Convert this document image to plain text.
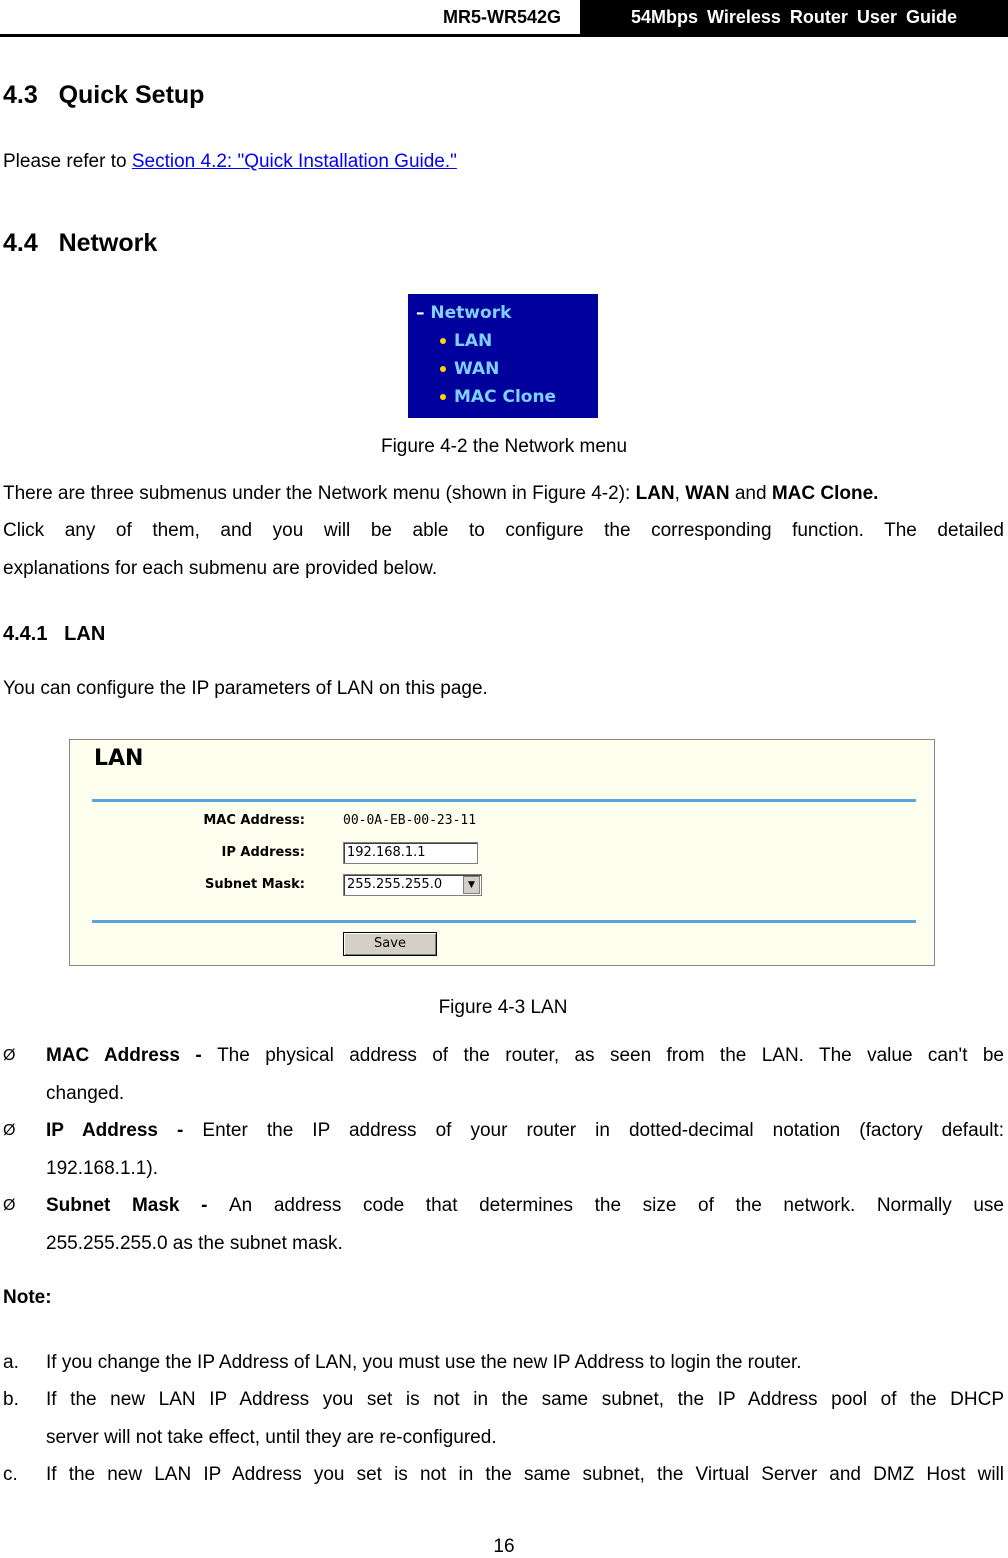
MR5-WR542G	54Mbps Wireless Router User Guide
4.3   Quick Setup
Please refer to Section 4.2: "Quick Installation Guide."
4.4   Network
– Network
LAN
WAN
MAC Clone
Figure 4-2 the Network menu
There are three submenus under the Network menu (shown in Figure 4-2): LAN, WAN and MAC Clone.
Click any of them, and you will be able to configure the corresponding function. The detailed
explanations for each submenu are provided below.
4.4.1   LAN
You can configure the IP parameters of LAN on this page.
LAN
MAC Address:	00-0A-EB-00-23-11
IP Address:	192.168.1.1
Subnet Mask:	255.255.255.0	▼
Save
Figure 4-3 LAN
Ø MAC Address - The physical address of the router, as seen from the LAN. The value can't be
changed.
Ø IP Address - Enter the IP address of your router in dotted-decimal notation (factory default:
192.168.1.1).
Ø Subnet Mask - An address code that determines the size of the network. Normally use
255.255.255.0 as the subnet mask.
Note:
a. If you change the IP Address of LAN, you must use the new IP Address to login the router.
b. If the new LAN IP Address you set is not in the same subnet, the IP Address pool of the DHCP
server will not take effect, until they are re-configured.
c. If the new LAN IP Address you set is not in the same subnet, the Virtual Server and DMZ Host will
16
